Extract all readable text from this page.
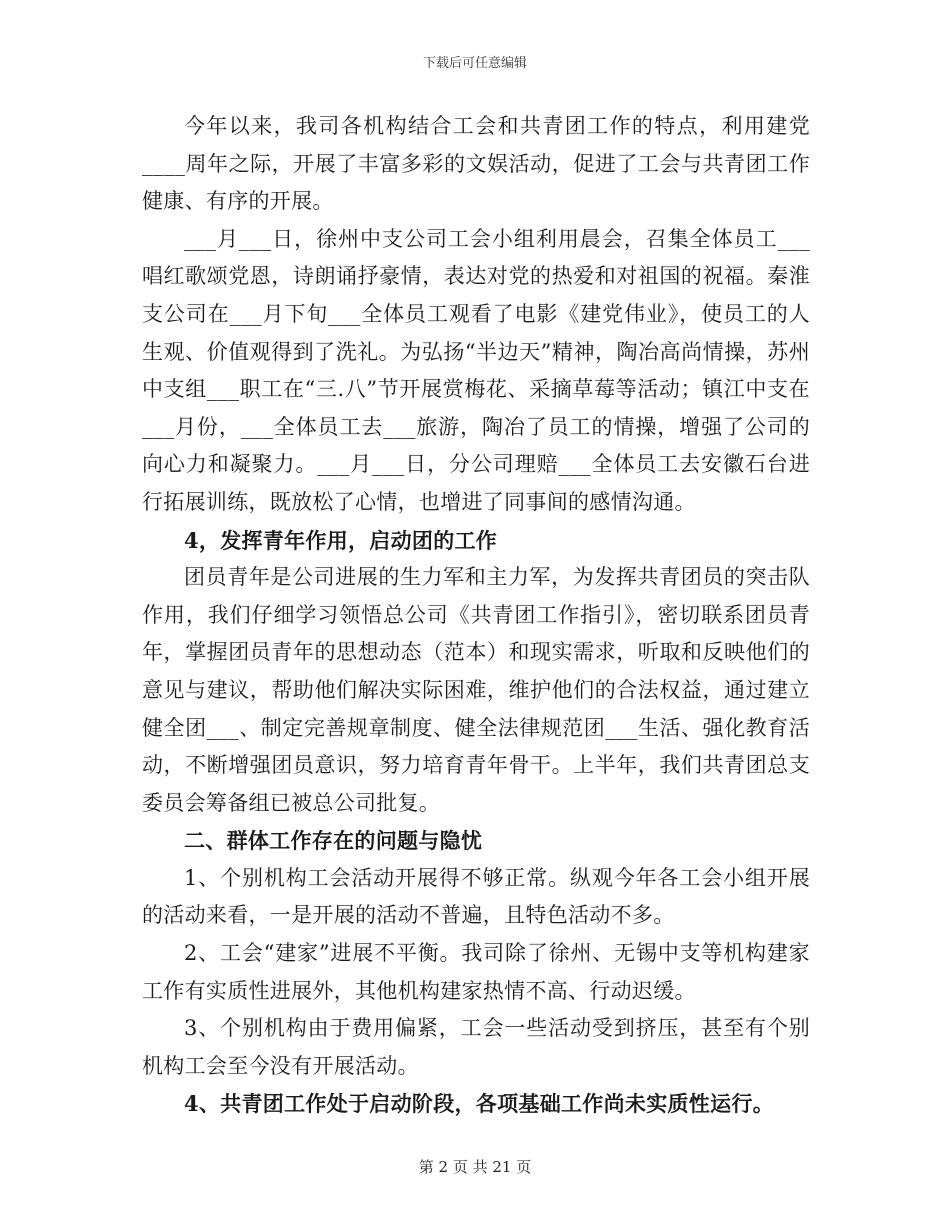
下载后可任意编辑

今年以来，我司各机构结合工会和共青团工作的特点，利用建党____周年之际，开展了丰富多彩的文娱活动，促进了工会与共青团工作健康、有序的开展。

___月___日，徐州中支公司工会小组利用晨会，召集全体员工___唱红歌颂党恩，诗朗诵抒豪情，表达对党的热爱和对祖国的祝福。秦淮支公司在___月下旬___全体员工观看了电影《建党伟业》，使员工的人生观、价值观得到了洗礼。为弘扬“半边天”精神，陶冶高尚情操，苏州中支组___职工在“三.八”节开展赏梅花、采摘草莓等活动；镇江中支在___月份，___全体员工去___旅游，陶冶了员工的情操，增强了公司的向心力和凝聚力。___月___日，分公司理赔___全体员工去安徽石台进行拓展训练，既放松了心情，也增进了同事间的感情沟通。

4，发挥青年作用，启动团的工作

团员青年是公司进展的生力军和主力军，为发挥共青团员的突击队作用，我们仔细学习领悟总公司《共青团工作指引》，密切联系团员青年，掌握团员青年的思想动态（范本）和现实需求，听取和反映他们的意见与建议，帮助他们解决实际困难，维护他们的合法权益，通过建立健全团___、制定完善规章制度、健全法律规范团___生活、强化教育活动，不断增强团员意识，努力培育青年骨干。上半年，我们共青团总支委员会筹备组已被总公司批复。

二、群体工作存在的问题与隐忧

1、个别机构工会活动开展得不够正常。纵观今年各工会小组开展的活动来看，一是开展的活动不普遍，且特色活动不多。

2、工会“建家”进展不平衡。我司除了徐州、无锡中支等机构建家工作有实质性进展外，其他机构建家热情不高、行动迟缓。

3、个别机构由于费用偏紧，工会一些活动受到挤压，甚至有个别机构工会至今没有开展活动。

4、共青团工作处于启动阶段，各项基础工作尚未实质性运行。

第 2 页 共 21 页
